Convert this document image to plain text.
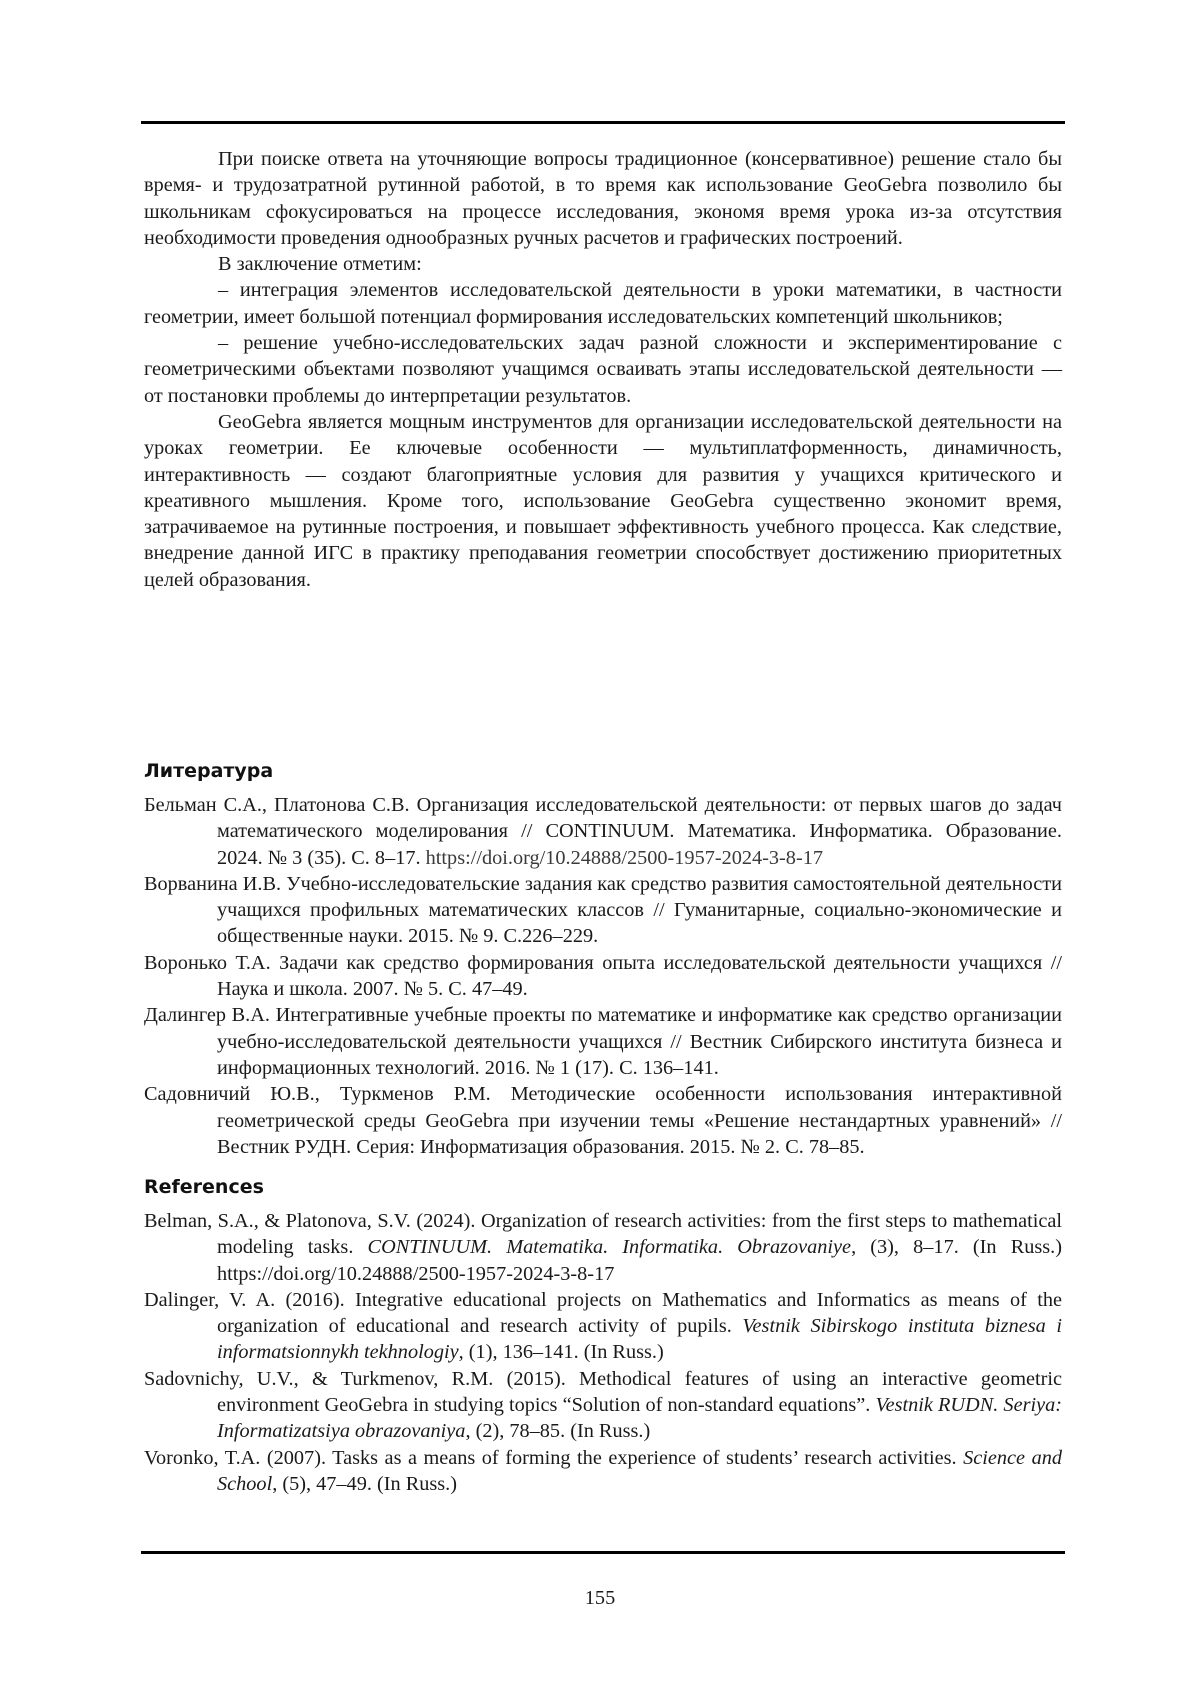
При поиске ответа на уточняющие вопросы традиционное (консервативное) решение стало бы время- и трудозатратной рутинной работой, в то время как использование GeoGebra позволило бы школьникам сфокусироваться на процессе исследования, экономя время урока из-за отсутствия необходимости проведения однообразных ручных расчетов и графических построений.

В заключение отметим:

– интеграция элементов исследовательской деятельности в уроки математики, в частности геометрии, имеет большой потенциал формирования исследовательских компетенций школьников;

– решение учебно-исследовательских задач разной сложности и экспериментирование с геометрическими объектами позволяют учащимся осваивать этапы исследовательской деятельности — от постановки проблемы до интерпретации результатов.

GeoGebra является мощным инструментов для организации исследовательской деятельности на уроках геометрии. Ее ключевые особенности — мультиплатформенность, динамичность, интерактивность — создают благоприятные условия для развития у учащихся критического и креативного мышления. Кроме того, использование GeoGebra существенно экономит время, затрачиваемое на рутинные построения, и повышает эффективность учебного процесса. Как следствие, внедрение данной ИГС в практику преподавания геометрии способствует достижению приоритетных целей образования.

Литература

Бельман С.А., Платонова С.В. Организация исследовательской деятельности: от первых шагов до задач математического моделирования // CONTINUUM. Математика. Информатика. Образование. 2024. № 3 (35). С. 8–17. https://doi.org/10.24888/2500-1957-2024-3-8-17

Ворванина И.В. Учебно-исследовательские задания как средство развития самостоятельной деятельности учащихся профильных математических классов // Гуманитарные, социально-экономические и общественные науки. 2015. № 9. С.226–229.

Воронько Т.А. Задачи как средство формирования опыта исследовательской деятельности учащихся // Наука и школа. 2007. № 5. С. 47–49.

Далингер В.А. Интегративные учебные проекты по математике и информатике как средство организации учебно-исследовательской деятельности учащихся // Вестник Сибирского института бизнеса и информационных технологий. 2016. № 1 (17). С. 136–141.

Садовничий Ю.В., Туркменов Р.М. Методические особенности использования интерактивной геометрической среды GeoGebra при изучении темы «Решение нестандартных уравнений» // Вестник РУДН. Серия: Информатизация образования. 2015. № 2. С. 78–85.

References

Belman, S.A., & Platonova, S.V. (2024). Organization of research activities: from the first steps to mathematical modeling tasks. CONTINUUM. Matematika. Informatika. Obrazovaniye, (3), 8–17. (In Russ.) https://doi.org/10.24888/2500-1957-2024-3-8-17

Dalinger, V. A. (2016). Integrative educational projects on Mathematics and Informatics as means of the organization of educational and research activity of pupils. Vestnik Sibirskogo instituta biznesa i informatsionnykh tekhnologiy, (1), 136–141. (In Russ.)

Sadovnichy, U.V., & Turkmenov, R.M. (2015). Methodical features of using an interactive geometric environment GeoGebra in studying topics “Solution of non-standard equations”. Vestnik RUDN. Seriya: Informatizatsiya obrazovaniya, (2), 78–85. (In Russ.)

Voronko, T.A. (2007). Tasks as a means of forming the experience of students’ research activities. Science and School, (5), 47–49. (In Russ.)

155
